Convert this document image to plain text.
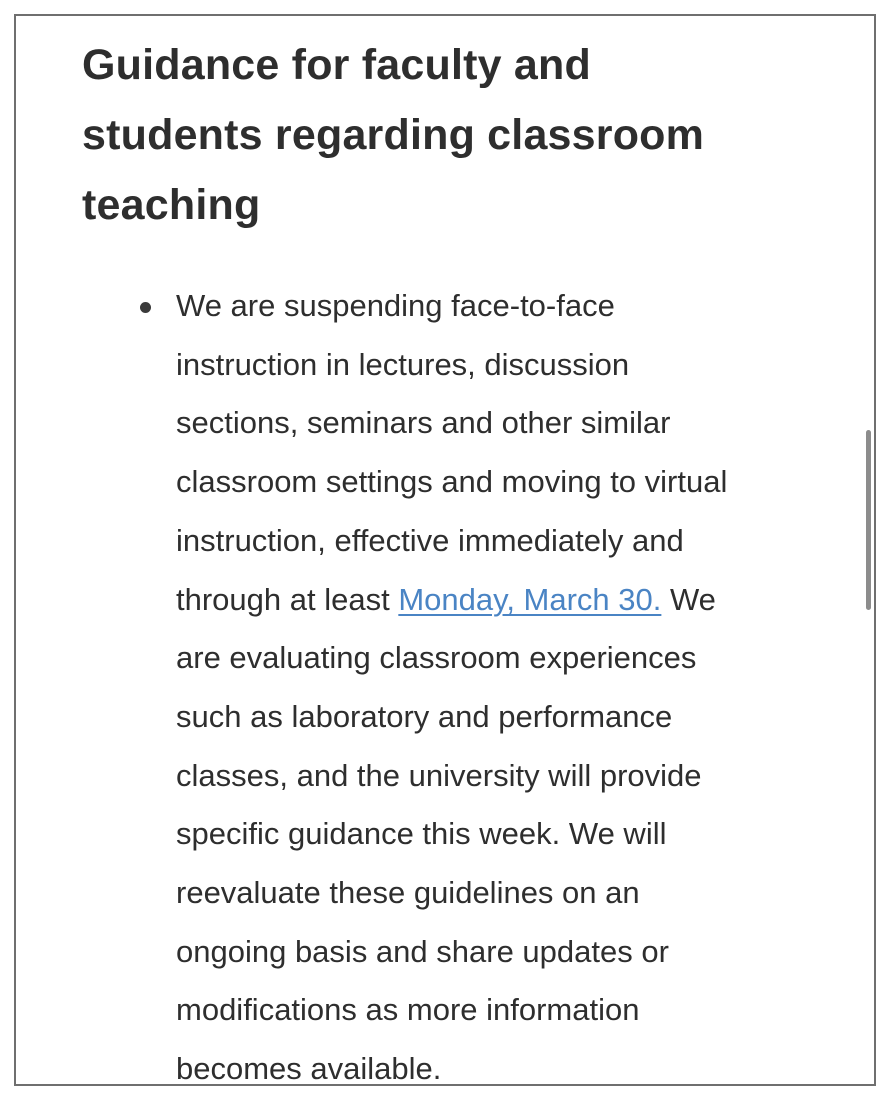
Guidance for faculty and
students regarding classroom
teaching
We are suspending face-to-face
instruction in lectures, discussion
sections, seminars and other similar
classroom settings and moving to virtual
instruction, effective immediately and
through at least Monday, March 30. We
are evaluating classroom experiences
such as laboratory and performance
classes, and the university will provide
specific guidance this week. We will
reevaluate these guidelines on an
ongoing basis and share updates or
modifications as more information
becomes available.
